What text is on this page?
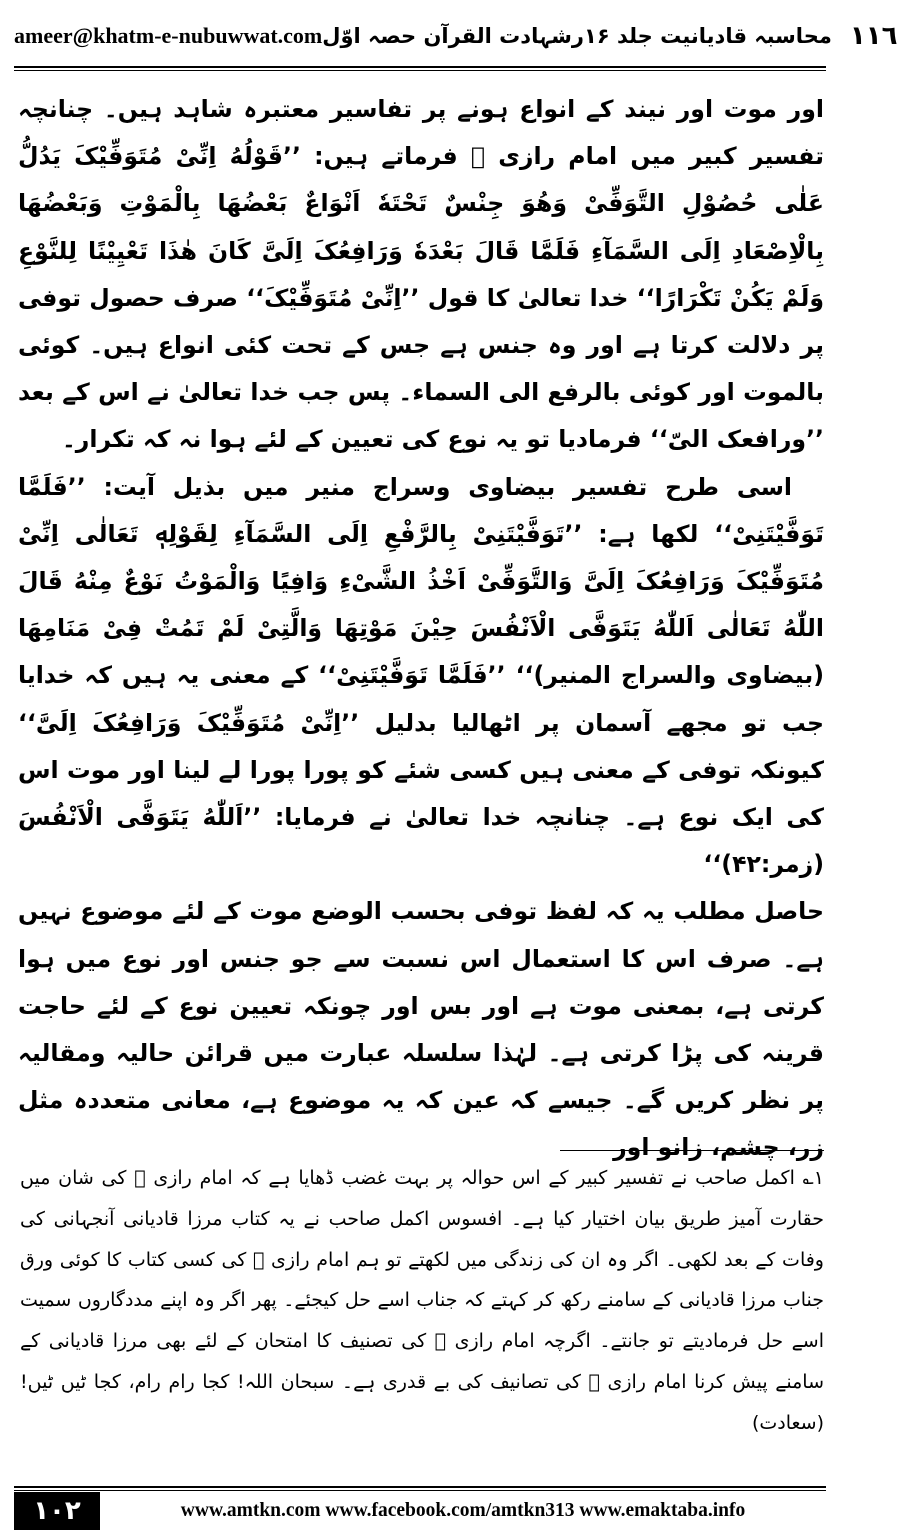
ameer@khatm-e-nubuwwat.com	١١٦
محاسبہ قادیانیت جلد ۱۶رشہادت القرآن حصہ اوّل

اور موت اور نیند کے انواع ہونے پر تفاسیر معتبرہ شاہد ہیں۔ چنانچہ تفسیر کبیر میں امام رازی ﷫ فرماتے ہیں: ’’قَوْلُهُ اِنِّیْ مُتَوَفِّیْکَ یَدُلُّ عَلٰی حُصُوْلِ التَّوَفِّیْ وَهُوَ جِنْسٌ تَحْتَهٗ اَنْوَاعٌ بَعْضُهَا بِالْمَوْتِ وَبَعْضُهَا بِالْاِصْعَادِ اِلَی السَّمَآءِ فَلَمَّا قَالَ بَعْدَهٗ وَرَافِعُکَ اِلَیَّ کَانَ هٰذَا تَعْیِیْنًا لِلنَّوْعِ وَلَمْ یَکُنْ تَکْرَارًا‘‘ خدا تعالیٰ کا قول ’’اِنِّیْ مُتَوَفِّیْکَ‘‘ صرف حصول توفی پر دلالت کرتا ہے اور وہ جنس ہے جس کے تحت کئی انواع ہیں۔ کوئی بالموت اور کوئی بالرفع الی السماء۔ پس جب خدا تعالیٰ نے اس کے بعد ’’ورافعک الیّ‘‘ فرمادیا تو یہ نوع کی تعیین کے لئے ہوا نہ کہ تکرار۔

اسی طرح تفسیر بیضاوی وسراج منیر میں بذیل آیت: ’’فَلَمَّا تَوَفَّیْتَنِیْ‘‘ لکھا ہے: ’’تَوَفَّیْتَنِیْ بِالرَّفْعِ اِلَی السَّمَآءِ لِقَوْلِهٖ تَعَالٰی اِنِّیْ مُتَوَفِّیْکَ وَرَافِعُکَ اِلَیَّ وَالتَّوَفِّیْ اَخْذُ الشَّیْءِ وَافِیًا وَالْمَوْتُ نَوْعٌ مِنْهُ قَالَ اللّٰهُ تَعَالٰی اَللّٰهُ یَتَوَفَّی الْاَنْفُسَ حِیْنَ مَوْتِهَا وَالَّتِیْ لَمْ تَمُتْ فِیْ مَنَامِهَا (بیضاوی والسراج المنیر)‘‘ ’’فَلَمَّا تَوَفَّیْتَنِیْ‘‘ کے معنی یہ ہیں کہ خدایا جب تو مجھے آسمان پر اٹھالیا بدلیل ’’اِنِّیْ مُتَوَفِّیْکَ وَرَافِعُکَ اِلَیَّ‘‘ کیونکہ توفی کے معنی ہیں کسی شئے کو پورا پورا لے لینا اور موت اس کی ایک نوع ہے۔ چنانچہ خدا تعالیٰ نے فرمایا: ’’اَللّٰهُ یَتَوَفَّی الْاَنْفُسَ (زمر:۴۲)‘‘

حاصل مطلب یہ کہ لفظ توفی بحسب الوضع موت کے لئے موضوع نہیں ہے۔ صرف اس کا استعمال اس نسبت سے جو جنس اور نوع میں ہوا کرتی ہے، بمعنی موت ہے اور بس اور چونکہ تعیین نوع کے لئے حاجت قرینہ کی پڑا کرتی ہے۔ لہٰذا سلسلہ عبارت میں قرائن حالیہ ومقالیہ پر نظر کریں گے۔ جیسے کہ عین کہ یہ موضوع ہے، معانی متعددہ مثل زر، چشم، زانو اور

۱؎ اکمل صاحب نے تفسیر کبیر کے اس حوالہ پر بہت غضب ڈھایا ہے کہ امام رازی ﷫ کی شان میں حقارت آمیز طریق بیان اختیار کیا ہے۔ افسوس اکمل صاحب نے یہ کتاب مرزا قادیانی آنجہانی کی وفات کے بعد لکھی۔ اگر وہ ان کی زندگی میں لکھتے تو ہم امام رازی ﷫ کی کسی کتاب کا کوئی ورق جناب مرزا قادیانی کے سامنے رکھ کر کہتے کہ جناب اسے حل کیجئے۔ پھر اگر وہ اپنے مددگاروں سمیت اسے حل فرمادیتے تو جانتے۔ اگرچہ امام رازی ﷫ کی تصنیف کا امتحان کے لئے بھی مرزا قادیانی کے سامنے پیش کرنا امام رازی ﷫ کی تصانیف کی بے قدری ہے۔ سبحان اللہ! کجا رام رام، کجا ٹیں ٹیں! (سعادت)

١٠٢	www.amtkn.com www.facebook.com/amtkn313 www.emaktaba.info
